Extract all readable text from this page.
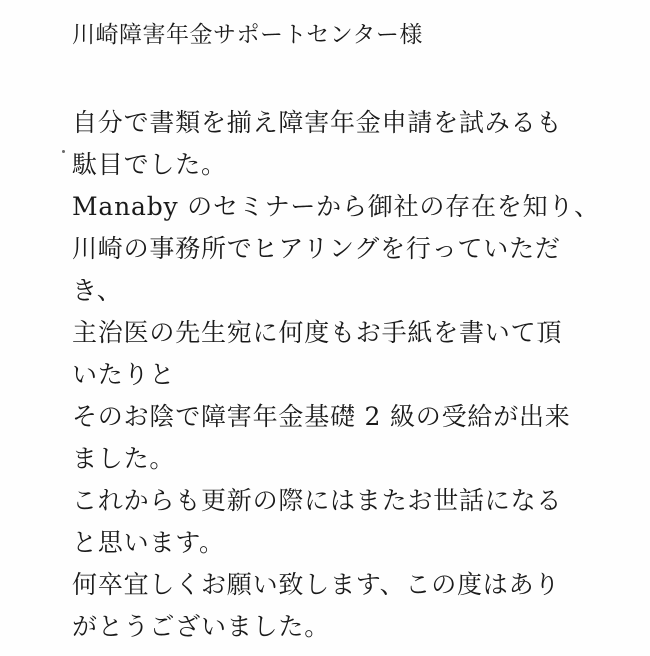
川崎障害年金サポートセンター様
自分で書類を揃え障害年金申請を試みるも
駄目でした。
Manaby のセミナーから御社の存在を知り、
川崎の事務所でヒアリングを行っていただ
き、
主治医の先生宛に何度もお手紙を書いて頂
いたりと
そのお陰で障害年金基礎 2 級の受給が出来
ました。
これからも更新の際にはまたお世話になる
と思います。
何卒宜しくお願い致します、この度はあり
がとうございました。
